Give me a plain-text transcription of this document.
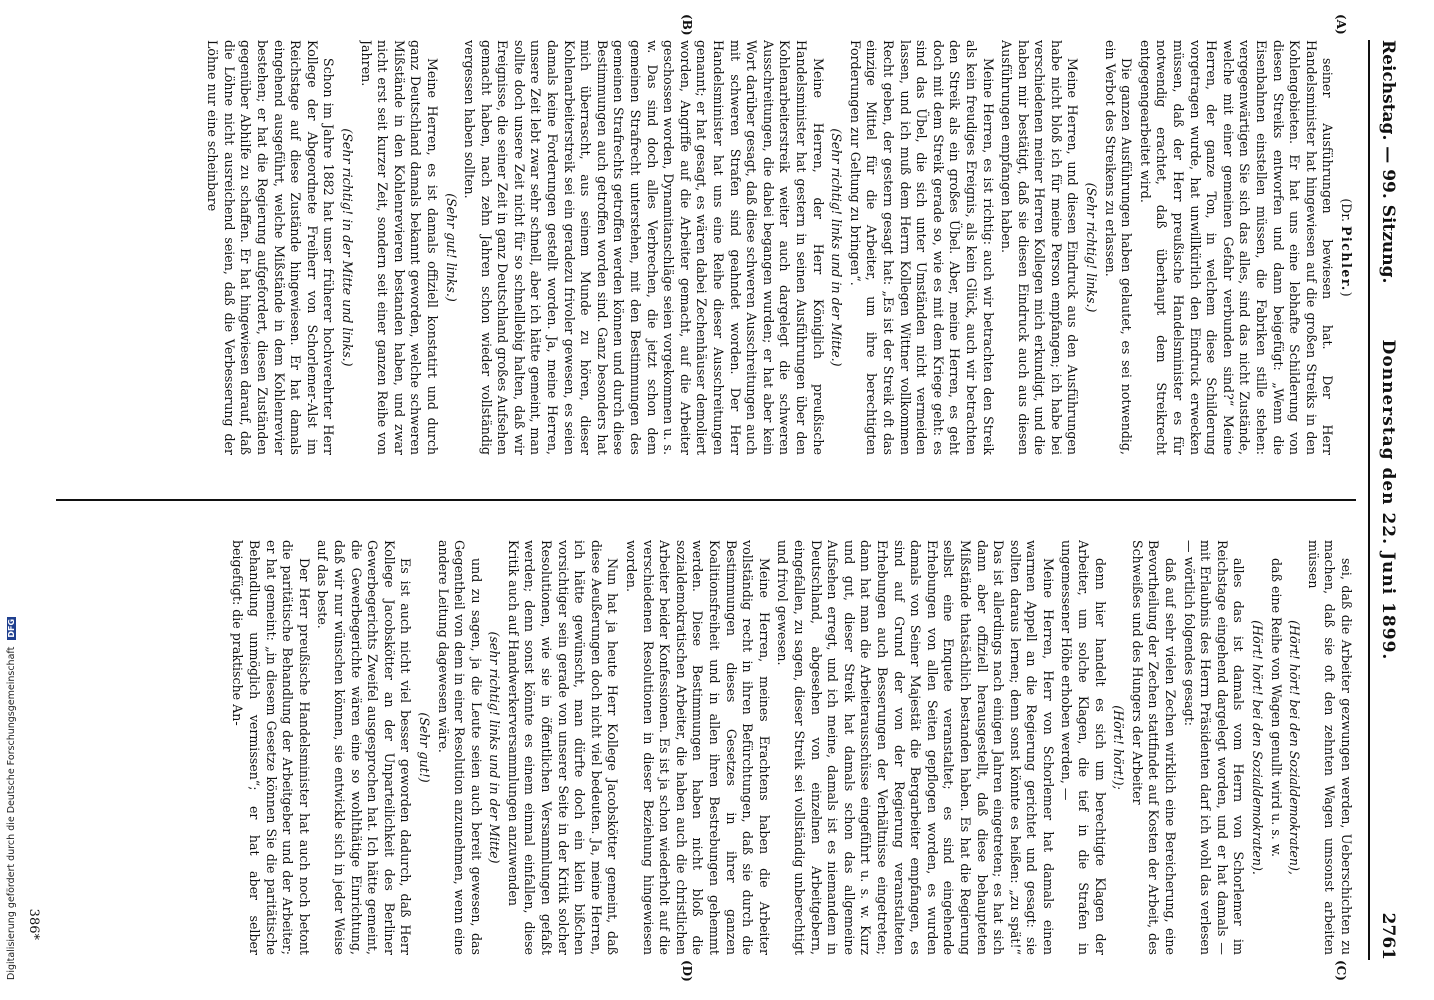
Reichstag. — 99. Sitzung.
Donnerstag den 22. Juni 1899.
2761
(A)
(B)
(C)
(D)

(Dr. Pichler.)

seiner Ausführungen bewiesen hat. Der Herr Handelsminister hat hingewiesen auf die großen Streiks in den Kohlengebieten. Er hat uns eine lebhafte Schilderung von diesen Streiks entworfen und dann beigefügt: „Wenn die Eisenbahnen einstellen müssen, die Fabriken stille stehen: vergegenwärtigen Sie sich das alles, sind das nicht Zustände, welche mit einer gemeinen Gefahr verbunden sind?“ Meine Herren, der ganze Ton, in welchem diese Schilderung vorgetragen wurde, hat unwillkürlich den Eindruck erwecken müssen, daß der Herr preußische Handelsminister es für notwendig erachtet, daß überhaupt dem Streikrecht entgegengearbeitet wird.

Die ganzen Ausführungen haben gelautet, es sei notwendig, ein Verbot des Streikens zu erlassen.

(Sehr richtig! links.)

Meine Herren, und diesen Eindruck aus den Ausführungen habe nicht bloß ich für meine Person empfangen; ich habe bei verschiedenen meiner Herren Kollegen mich erkundigt, und die haben mir bestätigt, daß sie diesen Eindruck auch aus diesen Ausführungen empfangen haben.

Meine Herren, es ist richtig: auch wir betrachten den Streik als kein freudiges Ereignis, als kein Glück, auch wir betrachten den Streik als ein großes Übel. Aber, meine Herren, es geht doch mit dem Streik gerade so, wie es mit dem Kriege geht: es sind das Übel, die sich unter Umständen nicht vermeiden lassen, und ich muß dem Herrn Kollegen Wittner vollkommen Recht geben, der gestern gesagt hat: „Es ist der Streik oft das einzige Mittel für die Arbeiter, um ihre berechtigten Forderungen zur Geltung zu bringen“.

(Sehr richtig! links und in der Mitte.)

Meine Herren, der Herr Königlich preußische Handelsminister hat gestern in seinen Ausführungen über den Kohlenarbeiterstreik weiter auch dargelegt die schweren Ausschreitungen, die dabei begangen wurden; er hat aber kein Wort darüber gesagt, daß diese schweren Ausschreitungen auch mit schweren Strafen sind geahndet worden. Der Herr Handelsminister hat uns eine Reihe dieser Ausschreitungen genannt; er hat gesagt, es wären dabei Zechenhäuser demoliert worden, Angriffe auf die Arbeiter gemacht, auf die Arbeiter geschossen worden, Dynamitanschläge seien vorgekommen u. s. w. Das sind doch alles Verbrechen, die jetzt schon dem gemeinen Strafrecht unterstehen, mit den Bestimmungen des gemeinen Strafrechts getroffen werden können und durch diese Bestimmungen auch getroffen worden sind. Ganz besonders hat mich überrascht, aus seinem Munde zu hören, dieser Kohlenarbeiterstreik sei ein geradezu frivoler gewesen, es seien damals keine Forderungen gestellt worden. Ja, meine Herren, unsere Zeit lebt zwar sehr schnell, aber ich hätte gemeint, man sollte doch unsere Zeit nicht für so schnelllebig halten, daß wir Ereignisse, die seiner Zeit in ganz Deutschland großes Aufsehen gemacht haben, nach zehn Jahren schon wieder vollständig vergessen haben sollten.

(Sehr gut! links.)

Meine Herren, es ist damals offiziell konstatirt und durch ganz Deutschland damals bekannt geworden, welche schweren Mißstände in den Kohlenrevieren bestanden haben, und zwar nicht erst seit kurzer Zeit, sondern seit einer ganzen Reihe von Jahren.

(Sehr richtig! in der Mitte und links.)

Schon im Jahre 1882 hat unser früherer hochverehrter Herr Kollege der Abgeordnete Freiherr von Schorlemer-Alst im Reichstage auf diese Zustände hingewiesen. Er hat damals eingehend ausgeführt, welche Mißstände in dem Kohlenrevier bestehen; er hat die Regierung aufgefordert, diesen Zuständen gegenüber Abhilfe zu schaffen. Er hat hingewiesen darauf, daß die Löhne nicht ausreichend seien, daß die Verbesserung der Löhne nur eine scheinbare

sei, daß die Arbeiter gezwungen werden, Ueberschichten zu machen, daß sie oft den zehnten Wagen umsonst arbeiten müssen

(Hört! hört! bei den Sozialdemokraten),

daß eine Reihe von Wagen genullt wird u. s. w.

(Hört! hört! bei den Sozialdemokraten).

alles das ist damals vom Herrn von Schorlemer im Reichstage eingehend dargelegt worden, und er hat damals — mit Erlaubnis des Herrn Präsidenten darf ich wohl das verlesen — wörtlich folgendes gesagt:

daß auf sehr vielen Zechen wirklich eine Bereicherung, eine Bevortheilung der Zechen stattfindet auf Kosten der Arbeit, des Schweißes und des Hungers der Arbeiter

(Hört! hört!);

denn hier handelt es sich um berechtigte Klagen der Arbeiter, um solche Klagen, die tief in die Strafen in ungemessener Höhe erhoben werden, —

Meine Herren, Herr von Schorlemer hat damals einen warmen Appell an die Regierung gerichtet und gesagt: sie sollten daraus lernen; denn sonst könnte es heißen: „zu spät!“ Das ist allerdings nach einigen Jahren eingetreten; es hat sich dann aber offiziell herausgestellt, daß diese behaupteten Mißstände thatsächlich bestanden haben. Es hat die Regierung selbst eine Enquete veranstaltet; es sind eingehende Erhebungen von allen Seiten gepflogen worden, es wurden damals von Seiner Majestät die Bergarbeiter empfangen, es sind auf Grund der von der Regierung veranstalteten Erhebungen auch Besserungen der Verhältnisse eingetreten; dann hat man die Arbeiterausschüsse eingeführt u. s. w. Kurz und gut, dieser Streik hat damals schon das allgemeine Aufsehen erregt, und ich meine, damals ist es niemandem in Deutschland, abgesehen von einzelnen Arbeitgebern, eingefallen, zu sagen, dieser Streik sei vollständig unberechtigt und frivol gewesen.

Meine Herren, meines Erachtens haben die Arbeiter vollständig recht in ihren Befürchtungen, daß sie durch die Bestimmungen dieses Gesetzes in ihrer ganzen Koalitionsfreiheit und in allen ihren Bestrebungen gehemmt werden. Diese Bestimmungen haben nicht bloß die sozialdemokratischen Arbeiter, die haben auch die christlichen Arbeiter beider Konfessionen. Es ist ja schon wiederholt auf die verschiedenen Resolutionen in dieser Beziehung hingewiesen worden.

Nun hat ja heute Herr Kollege Jacobskötter gemeint, daß diese Aeußerungen doch nicht viel bedeuten. Ja, meine Herren, ich hätte gewünscht, man dürfte doch ein klein bißchen vorsichtiger sein gerade von unserer Seite in der Kritik solcher Resolutionen, wie sie in öffentlichen Versammlungen gefaßt werden; denn sonst könnte es einem einmal einfallen, diese Kritik auch auf Handwerkerversammlungen anzuwenden

(sehr richtig! links und in der Mitte)

und zu sagen, ja die Leute seien auch bereit gewesen, das Gegentheil von dem in einer Resolution anzunehmen, wenn eine andere Leitung dagewesen wäre.

(Sehr gut!)

Es ist auch nicht viel besser geworden dadurch, daß Herr Kollege Jacobskötter an der Unparteilichkeit des Berliner Gewerbegerichts Zweifel ausgesprochen hat. Ich hätte gemeint, die Gewerbegerichte wären eine so wohlthätige Einrichtung, daß wir nur wünschen können, sie entwickle sich in jeder Weise auf das beste.

Der Herr preußische Handelsminister hat auch noch betont die paritätische Behandlung der Arbeitgeber und der Arbeiter; er hat gemeint: „in diesem Gesetze können Sie die paritätische Behandlung unmöglich vermissen“; er hat aber selber beigefügt: die praktische An-

386*
Digitalisierung gefördert durch die Deutsche Forschungsgemeinschaft DFG
